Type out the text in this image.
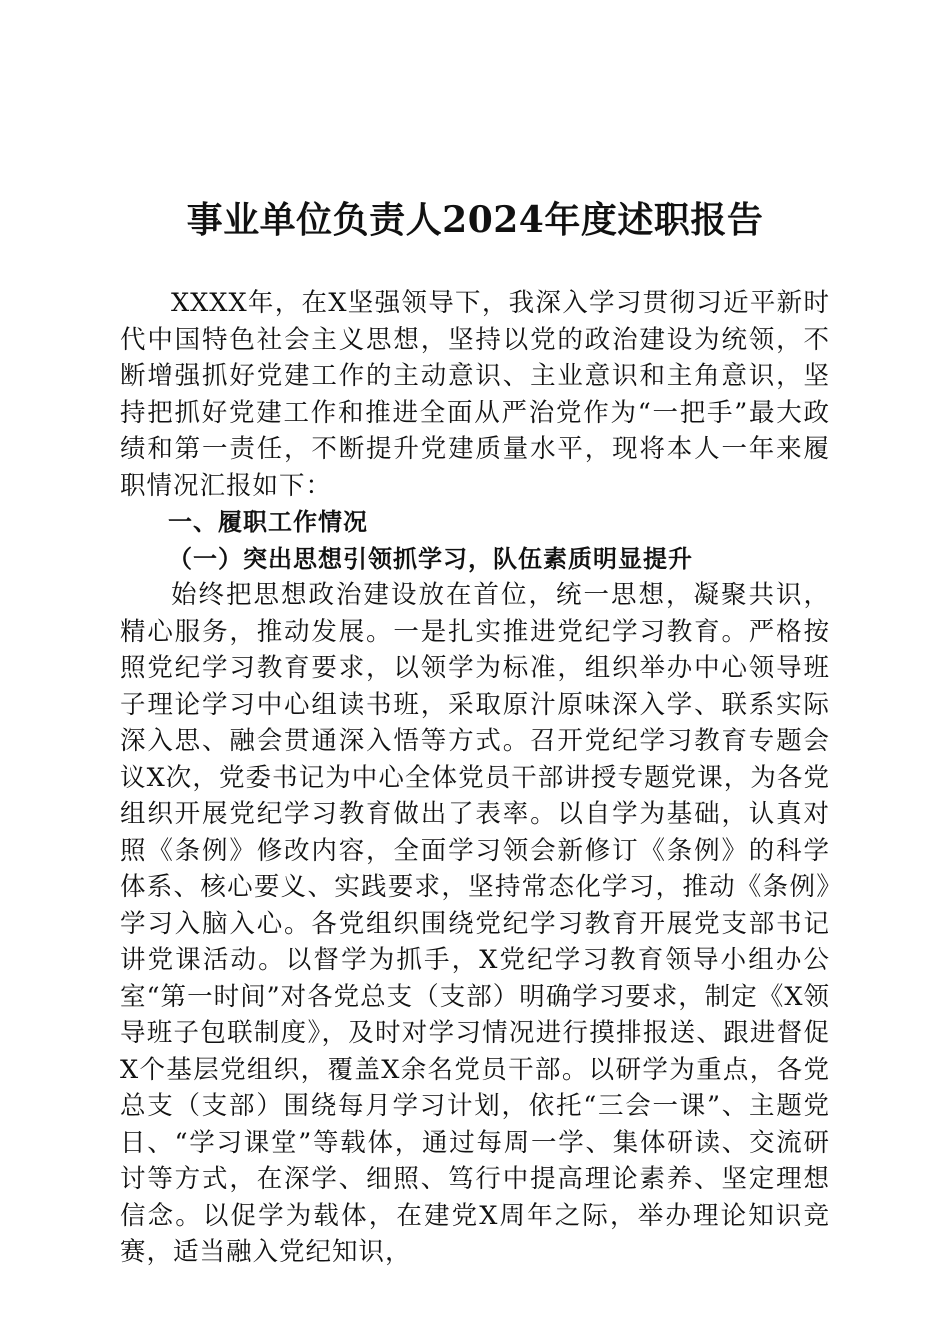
事业单位负责人2024年度述职报告

XXXX年，在X坚强领导下，我深入学习贯彻习近平新时代中国特色社会主义思想，坚持以党的政治建设为统领，不断增强抓好党建工作的主动意识、主业意识和主角意识，坚持把抓好党建工作和推进全面从严治党作为“一把手”最大政绩和第一责任，不断提升党建质量水平，现将本人一年来履职情况汇报如下：

一、履职工作情况

（一）突出思想引领抓学习，队伍素质明显提升

始终把思想政治建设放在首位，统一思想，凝聚共识，精心服务，推动发展。一是扎实推进党纪学习教育。严格按照党纪学习教育要求，以领学为标准，组织举办中心领导班子理论学习中心组读书班，采取原汁原味深入学、联系实际深入思、融会贯通深入悟等方式。召开党纪学习教育专题会议X次，党委书记为中心全体党员干部讲授专题党课，为各党组织开展党纪学习教育做出了表率。以自学为基础，认真对照《条例》修改内容，全面学习领会新修订《条例》的科学体系、核心要义、实践要求，坚持常态化学习，推动《条例》学习入脑入心。各党组织围绕党纪学习教育开展党支部书记讲党课活动。以督学为抓手，X党纪学习教育领导小组办公室“第一时间”对各党总支（支部）明确学习要求，制定《X领导班子包联制度》，及时对学习情况进行摸排报送、跟进督促X个基层党组织，覆盖X余名党员干部。以研学为重点，各党总支（支部）围绕每月学习计划，依托“三会一课”、主题党日、“学习课堂”等载体，通过每周一学、集体研读、交流研讨等方式，在深学、细照、笃行中提高理论素养、坚定理想信念。以促学为载体，在建党X周年之际，举办理论知识竞赛，适当融入党纪知识，
